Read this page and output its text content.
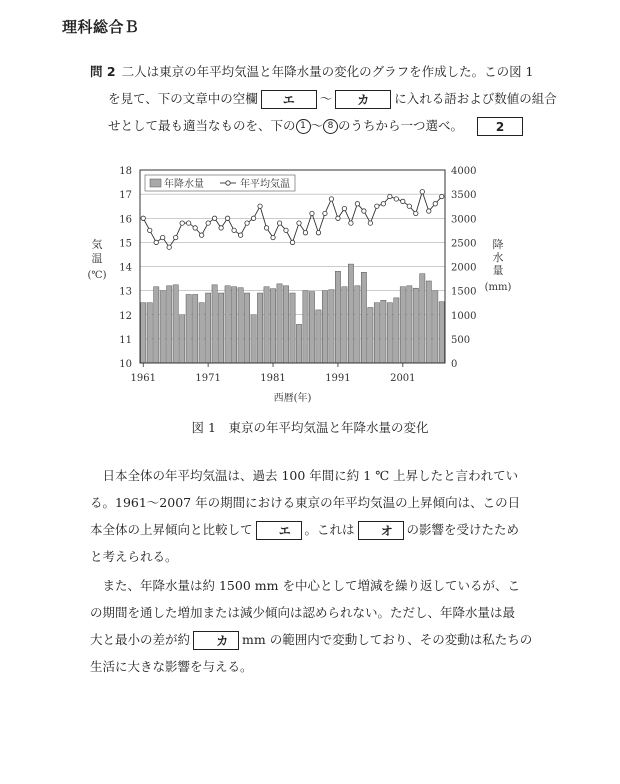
理科総合Ｂ
問 2 二人は東京の年平均気温と年降水量の変化のグラフを作成した。この図 1
を見て、下の文章中の空欄 エ ～ カ に入れる語および数値の組合
せとして最も適当なものを、下の 1 ～ 8 のうちから一つ選べ。	2
10
11
12
13
14
15
16
17
18
0
500
1000
1500
2000
2500
3000
3500
4000
1961	1971	1981	1991	2001
西暦(年)
気
温
(℃)
降
水
量
(mm)
年降水量	年平均気温
図 1　東京の年平均気温と年降水量の変化

日本全体の年平均気温は、過去 100 年間に約 1 ℃ 上昇したと言われてい
る。1961～2007 年の期間における東京の年平均気温の上昇傾向は、この日
本全体の上昇傾向と比較して エ 。これは オ の影響を受けたため
と考えられる。

また、年降水量は約 1500 mm を中心として増減を繰り返しているが、こ
の期間を通した増加または減少傾向は認められない。ただし、年降水量は最
大と最小の差が約 カ mm の範囲内で変動しており、その変動は私たちの
生活に大きな影響を与える。
